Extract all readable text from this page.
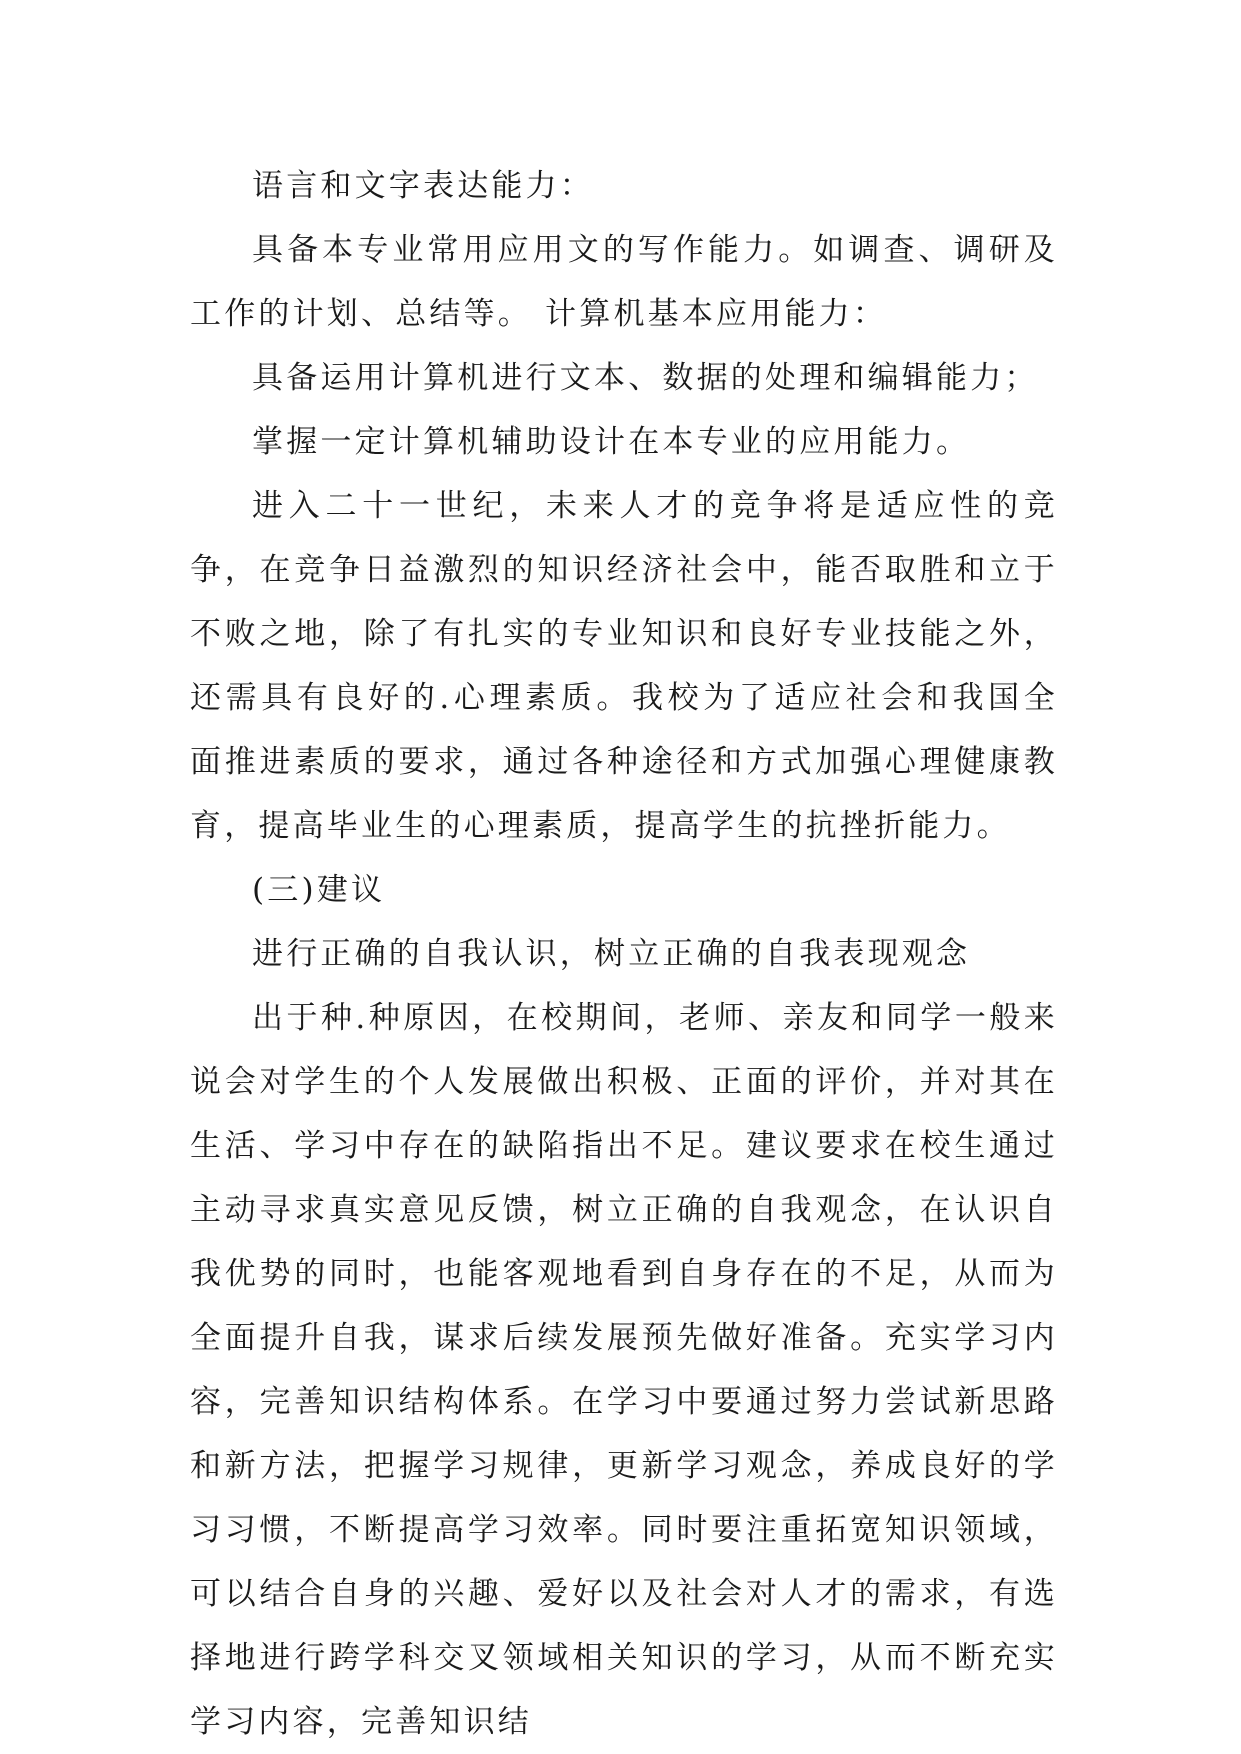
语言和文字表达能力：

具备本专业常用应用文的写作能力。如调查、调研及工作的计划、总结等。 计算机基本应用能力：

具备运用计算机进行文本、数据的处理和编辑能力；

掌握一定计算机辅助设计在本专业的应用能力。

进入二十一世纪，未来人才的竞争将是适应性的竞争，在竞争日益激烈的知识经济社会中，能否取胜和立于不败之地，除了有扎实的专业知识和良好专业技能之外，还需具有良好的.心理素质。我校为了适应社会和我国全面推进素质的要求，通过各种途径和方式加强心理健康教育，提高毕业生的心理素质，提高学生的抗挫折能力。

(三)建议

进行正确的自我认识，树立正确的自我表现观念

出于种.种原因，在校期间，老师、亲友和同学一般来说会对学生的个人发展做出积极、正面的评价，并对其在生活、学习中存在的缺陷指出不足。建议要求在校生通过主动寻求真实意见反馈，树立正确的自我观念，在认识自我优势的同时，也能客观地看到自身存在的不足，从而为全面提升自我，谋求后续发展预先做好准备。充实学习内容，完善知识结构体系。在学习中要通过努力尝试新思路和新方法，把握学习规律，更新学习观念，养成良好的学习习惯，不断提高学习效率。同时要注重拓宽知识领域，可以结合自身的兴趣、爱好以及社会对人才的需求，有选择地进行跨学科交叉领域相关知识的学习，从而不断充实学习内容，完善知识结
